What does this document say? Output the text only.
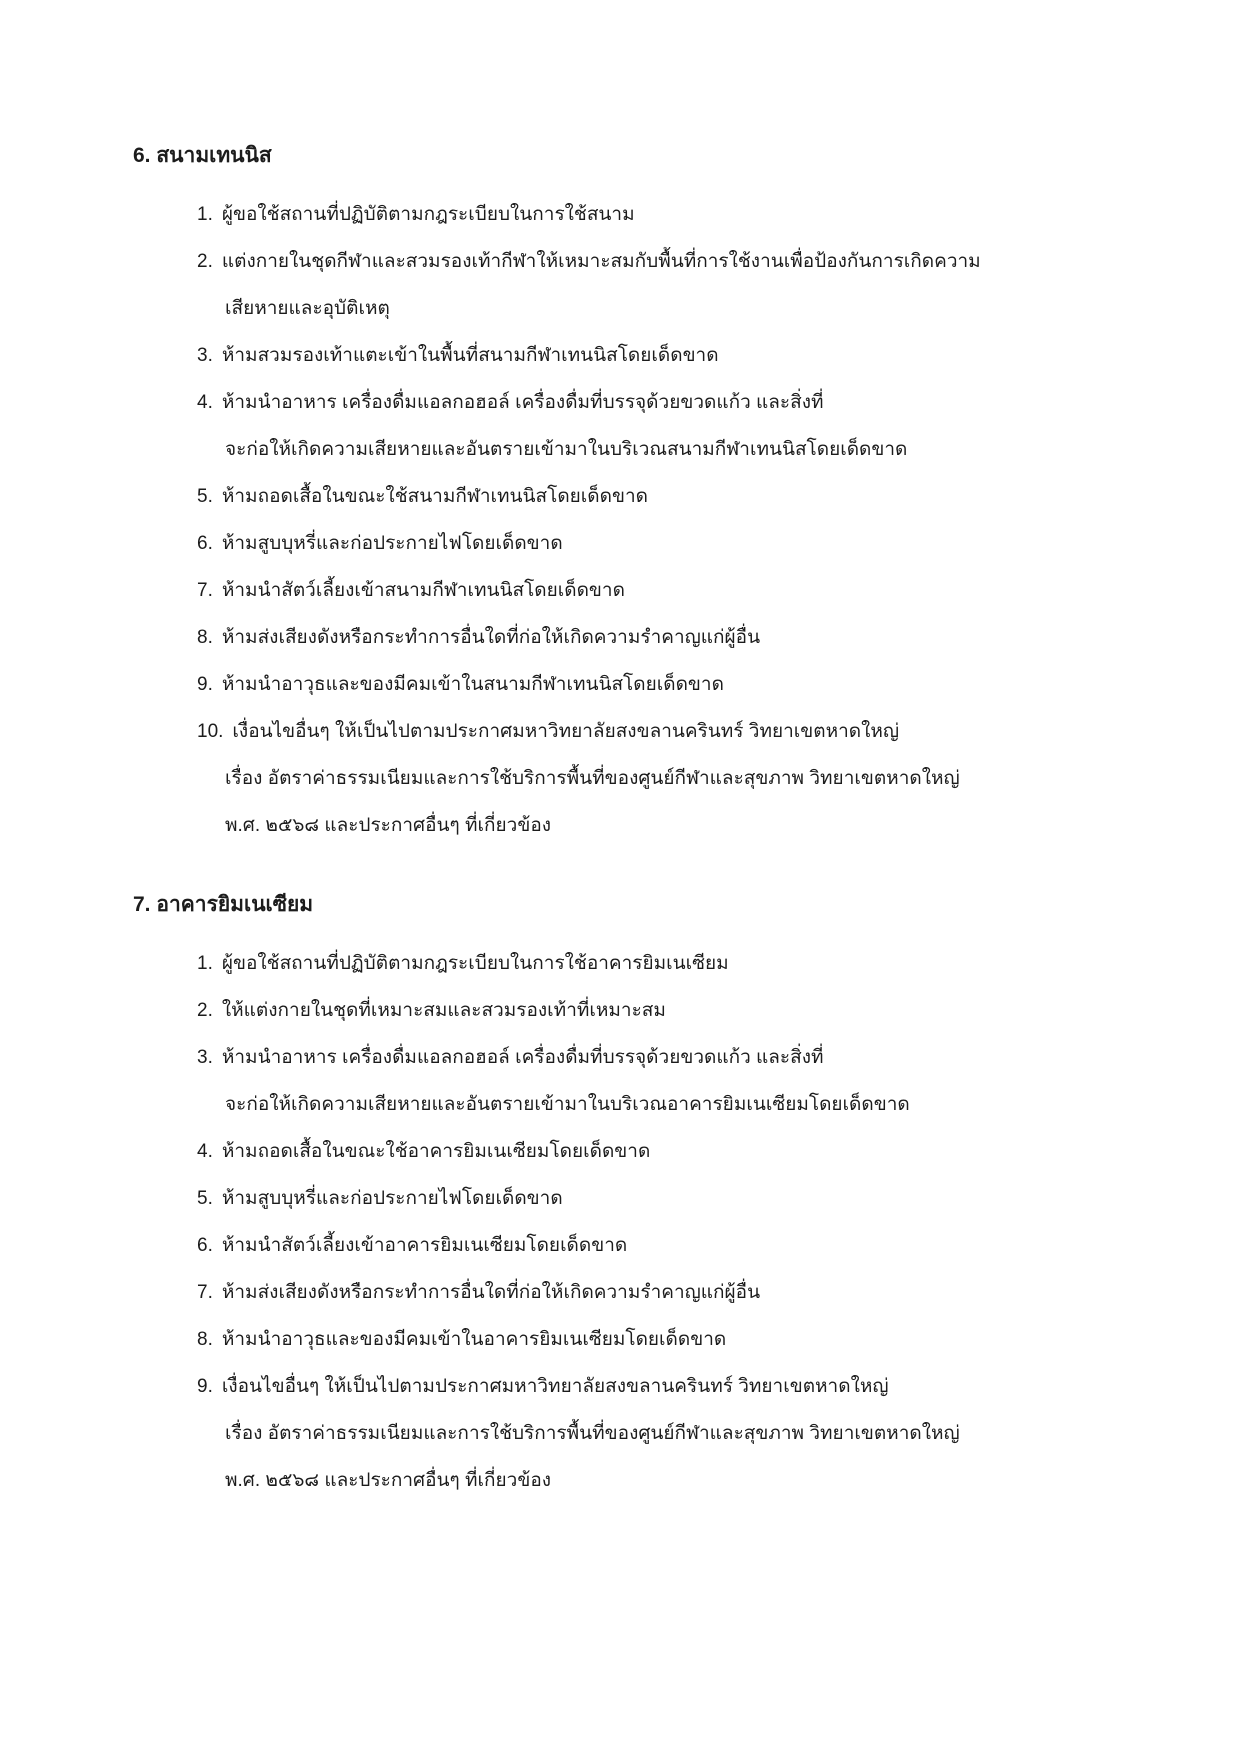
6. สนามเทนนิส
1. ผู้ขอใช้สถานที่ปฏิบัติตามกฎระเบียบในการใช้สนาม
2. แต่งกายในชุดกีฬาและสวมรองเท้ากีฬาให้เหมาะสมกับพื้นที่การใช้งานเพื่อป้องกันการเกิดความ
เสียหายและอุบัติเหตุ
3. ห้ามสวมรองเท้าแตะเข้าในพื้นที่สนามกีฬาเทนนิสโดยเด็ดขาด
4. ห้ามนำอาหาร เครื่องดื่มแอลกอฮอล์ เครื่องดื่มที่บรรจุด้วยขวดแก้ว และสิ่งที่
จะก่อให้เกิดความเสียหายและอันตรายเข้ามาในบริเวณสนามกีฬาเทนนิสโดยเด็ดขาด
5. ห้ามถอดเสื้อในขณะใช้สนามกีฬาเทนนิสโดยเด็ดขาด
6. ห้ามสูบบุหรี่และก่อประกายไฟโดยเด็ดขาด
7. ห้ามนำสัตว์เลี้ยงเข้าสนามกีฬาเทนนิสโดยเด็ดขาด
8. ห้ามส่งเสียงดังหรือกระทำการอื่นใดที่ก่อให้เกิดความรำคาญแก่ผู้อื่น
9. ห้ามนำอาวุธและของมีคมเข้าในสนามกีฬาเทนนิสโดยเด็ดขาด
10. เงื่อนไขอื่นๆ ให้เป็นไปตามประกาศมหาวิทยาลัยสงขลานครินทร์ วิทยาเขตหาดใหญ่
เรื่อง อัตราค่าธรรมเนียมและการใช้บริการพื้นที่ของศูนย์กีฬาและสุขภาพ วิทยาเขตหาดใหญ่
พ.ศ. ๒๕๖๘ และประกาศอื่นๆ ที่เกี่ยวข้อง
7. อาคารยิมเนเซียม
1. ผู้ขอใช้สถานที่ปฏิบัติตามกฎระเบียบในการใช้อาคารยิมเนเซียม
2. ให้แต่งกายในชุดที่เหมาะสมและสวมรองเท้าที่เหมาะสม
3. ห้ามนำอาหาร เครื่องดื่มแอลกอฮอล์ เครื่องดื่มที่บรรจุด้วยขวดแก้ว และสิ่งที่
จะก่อให้เกิดความเสียหายและอันตรายเข้ามาในบริเวณอาคารยิมเนเซียมโดยเด็ดขาด
4. ห้ามถอดเสื้อในขณะใช้อาคารยิมเนเซียมโดยเด็ดขาด
5. ห้ามสูบบุหรี่และก่อประกายไฟโดยเด็ดขาด
6. ห้ามนำสัตว์เลี้ยงเข้าอาคารยิมเนเซียมโดยเด็ดขาด
7. ห้ามส่งเสียงดังหรือกระทำการอื่นใดที่ก่อให้เกิดความรำคาญแก่ผู้อื่น
8. ห้ามนำอาวุธและของมีคมเข้าในอาคารยิมเนเซียมโดยเด็ดขาด
9. เงื่อนไขอื่นๆ ให้เป็นไปตามประกาศมหาวิทยาลัยสงขลานครินทร์ วิทยาเขตหาดใหญ่
เรื่อง อัตราค่าธรรมเนียมและการใช้บริการพื้นที่ของศูนย์กีฬาและสุขภาพ วิทยาเขตหาดใหญ่
พ.ศ. ๒๕๖๘ และประกาศอื่นๆ ที่เกี่ยวข้อง
